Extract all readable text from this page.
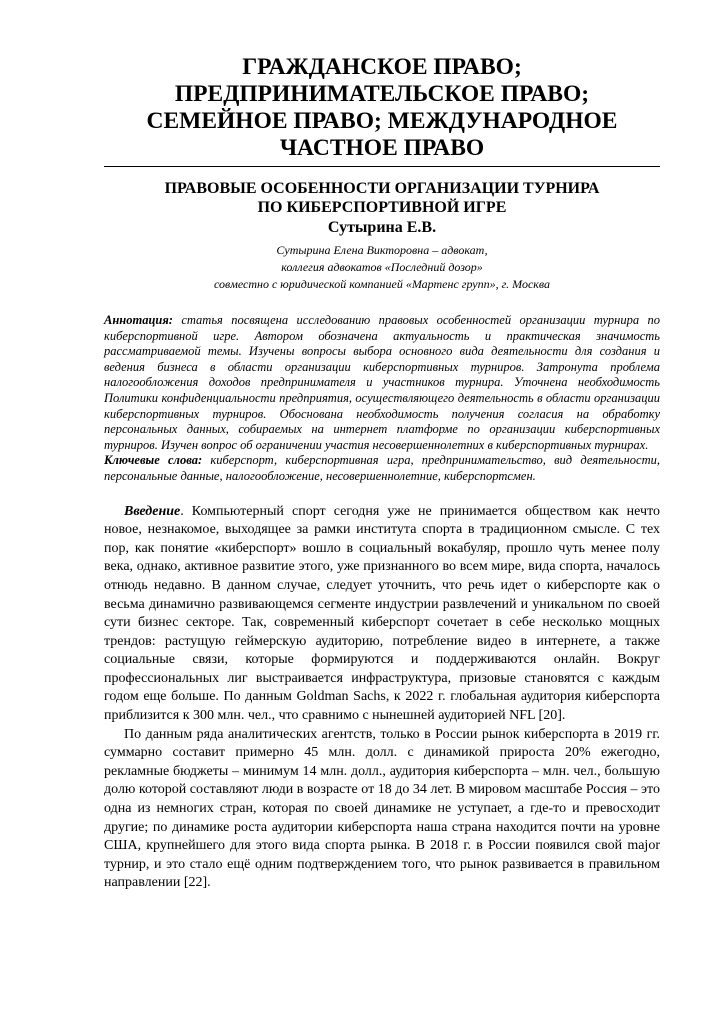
ГРАЖДАНСКОЕ ПРАВО;
ПРЕДПРИНИМАТЕЛЬСКОЕ ПРАВО;
СЕМЕЙНОЕ ПРАВО; МЕЖДУНАРОДНОЕ
ЧАСТНОЕ ПРАВО
ПРАВОВЫЕ ОСОБЕННОСТИ ОРГАНИЗАЦИИ ТУРНИРА
ПО КИБЕРСПОРТИВНОЙ ИГРЕ
Сутырина Е.В.
Сутырина Елена Викторовна – адвокат,
коллегия адвокатов «Последний дозор»
совместно с юридической компанией «Мартенс групп», г. Москва

Аннотация: статья посвящена исследованию правовых особенностей организации турнира по киберспортивной игре. Автором обозначена актуальность и практическая значимость рассматриваемой темы. Изучены вопросы выбора основного вида деятельности для создания и ведения бизнеса в области организации киберспортивных турниров. Затронута проблема налогообложения доходов предпринимателя и участников турнира. Уточнена необходимость Политики конфиденциальности предприятия, осуществляющего деятельность в области организации киберспортивных турниров. Обоснована необходимость получения согласия на обработку персональных данных, собираемых на интернет платформе по организации киберспортивных турниров. Изучен вопрос об ограничении участия несовершеннолетних в киберспортивных турнирах.

Ключевые слова: киберспорт, киберспортивная игра, предпринимательство, вид деятельности, персональные данные, налогообложение, несовершеннолетние, киберспортсмен.

Введение. Компьютерный спорт сегодня уже не принимается обществом как нечто новое, незнакомое, выходящее за рамки института спорта в традиционном смысле. С тех пор, как понятие «киберспорт» вошло в социальный вокабуляр, прошло чуть менее полу века, однако, активное развитие этого, уже признанного во всем мире, вида спорта, началось отнюдь недавно. В данном случае, следует уточнить, что речь идет о киберспорте как о весьма динамично развивающемся сегменте индустрии развлечений и уникальном по своей сути бизнес секторе. Так, современный киберспорт сочетает в себе несколько мощных трендов: растущую геймерскую аудиторию, потребление видео в интернете, а также социальные связи, которые формируются и поддерживаются онлайн. Вокруг профессиональных лиг выстраивается инфраструктура, призовые становятся с каждым годом еще больше. По данным Goldman Sachs, к 2022 г. глобальная аудитория киберспорта приблизится к 300 млн. чел., что сравнимо с нынешней аудиторией NFL [20].

По данным ряда аналитических агентств, только в России рынок киберспорта в 2019 гг. суммарно составит примерно 45 млн. долл. с динамикой прироста 20% ежегодно, рекламные бюджеты – минимум 14 млн. долл., аудитория киберспорта – млн. чел., большую долю которой составляют люди в возрасте от 18 до 34 лет. В мировом масштабе Россия – это одна из немногих стран, которая по своей динамике не уступает, а где-то и превосходит другие; по динамике роста аудитории киберспорта наша страна находится почти на уровне США, крупнейшего для этого вида спорта рынка. В 2018 г. в России появился свой major турнир, и это стало ещё одним подтверждением того, что рынок развивается в правильном направлении [22].
